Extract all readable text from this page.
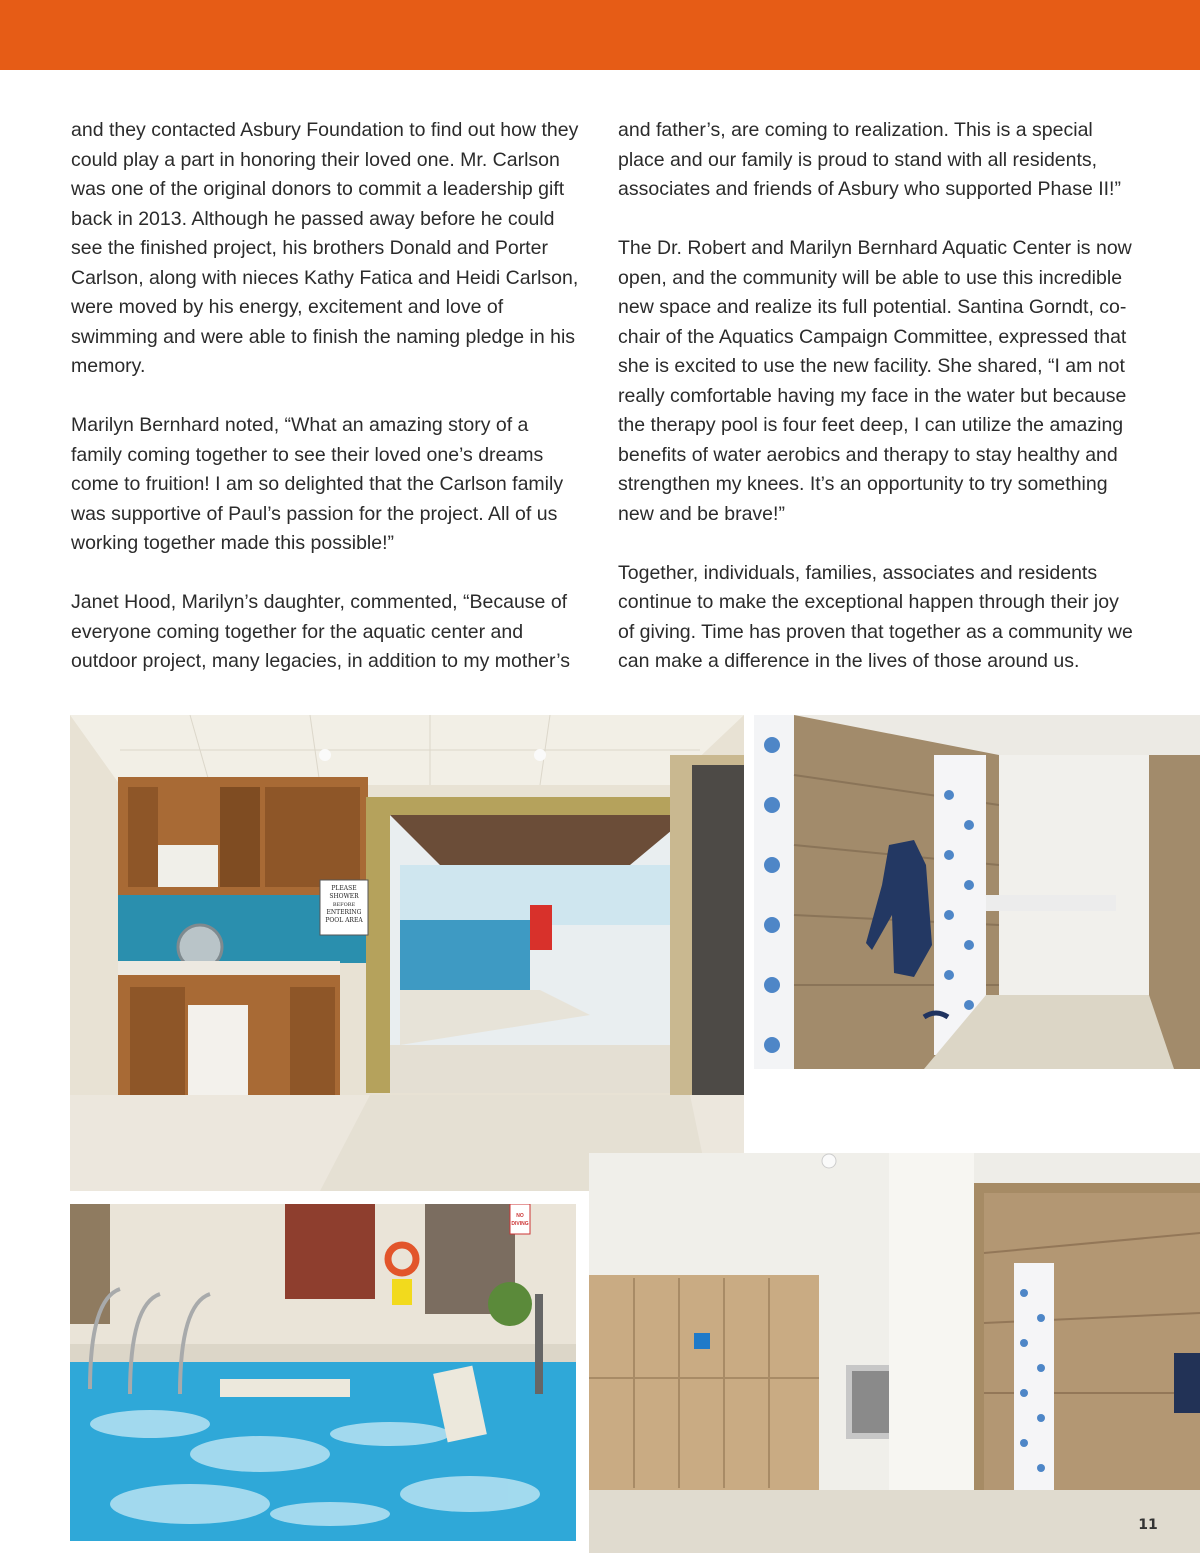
and they contacted Asbury Foundation to find out how they could play a part in honoring their loved one. Mr. Carlson was one of the original donors to commit a leadership gift back in 2013. Although he passed away before he could see the finished project, his brothers Donald and Porter Carlson, along with nieces Kathy Fatica and Heidi Carlson, were moved by his energy, excitement and love of swimming and were able to finish the naming pledge in his memory.

Marilyn Bernhard noted, “What an amazing story of a family coming together to see their loved one’s dreams come to fruition! I am so delighted that the Carlson family was supportive of Paul’s passion for the project. All of us working together made this possible!”

Janet Hood, Marilyn’s daughter, commented, “Because of everyone coming together for the aquatic center and outdoor project, many legacies, in addition to my mother’s

and father’s, are coming to realization. This is a special place and our family is proud to stand with all residents, associates and friends of Asbury who supported Phase II!”

The Dr. Robert and Marilyn Bernhard Aquatic Center is now open, and the community will be able to use this incredible new space and realize its full potential. Santina Gorndt, co-chair of the Aquatics Campaign Committee, expressed that she is excited to use the new facility. She shared, “I am not really comfortable having my face in the water but because the therapy pool is four feet deep, I can utilize the amazing benefits of water aerobics and therapy to stay healthy and strengthen my knees. It’s an opportunity to try something new and be brave!”

Together, individuals, families, associates and residents continue to make the exceptional happen through their joy of giving. Time has proven that together as a community we can make a difference in the lives of those around us.

PLEASE
SHOWER
BEFORE
ENTERING
POOL AREA
NO
DIVING
11
